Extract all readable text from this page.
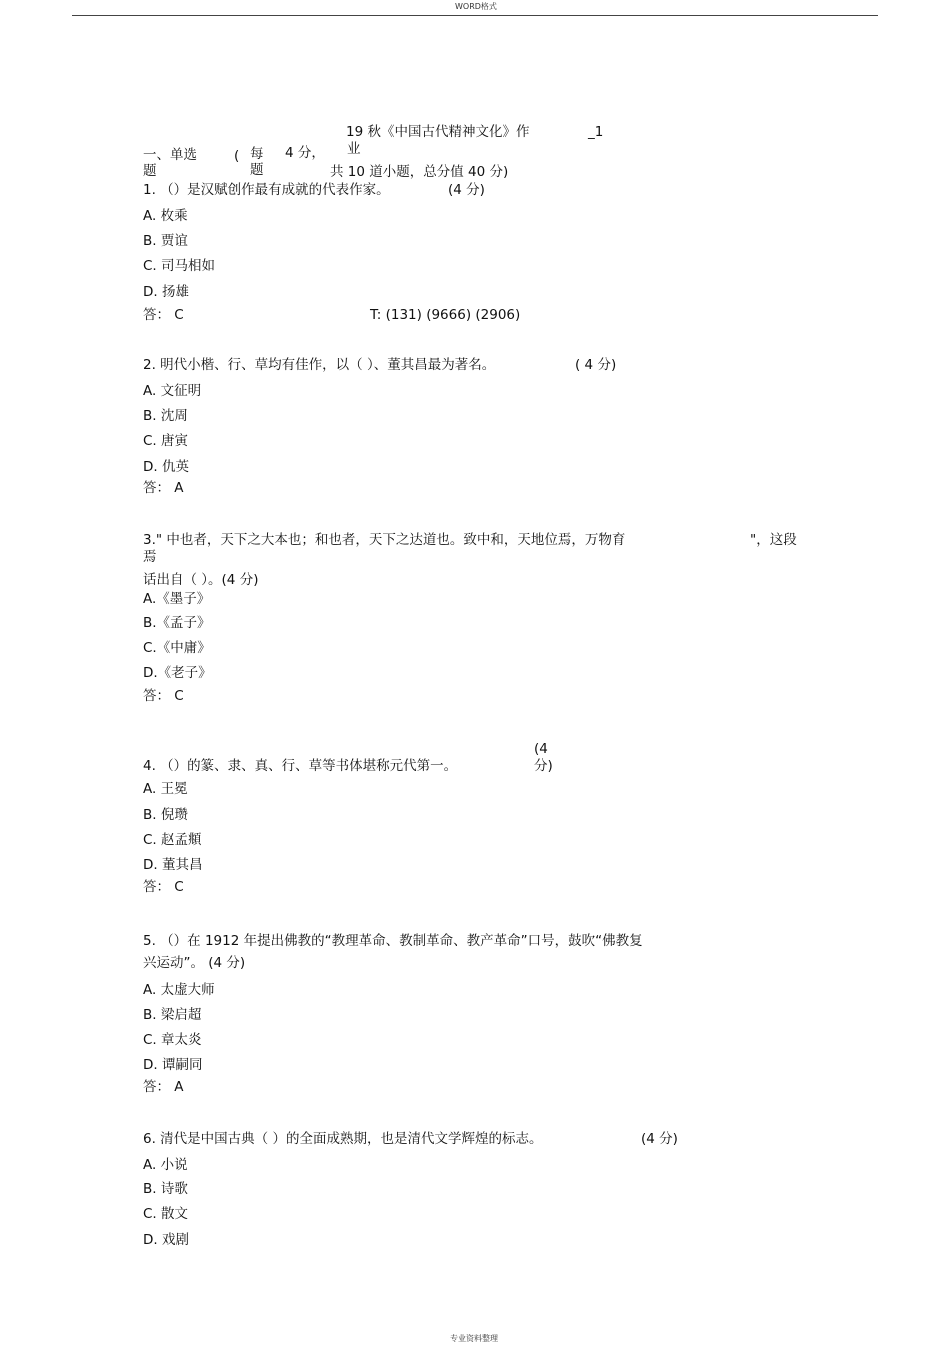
WORD格式
19 秋《中国古代精神文化》作	_1
业
一、单选
题
( 每
题
4 分，
共 10 道小题，总分值 40 分)
1. （）是汉赋创作最有成就的代表作家。	(4 分)
A. 枚乘
B. 贾谊
C. 司马相如
D. 扬雄
答： C	T: (131) (9666) (2906)
2. 明代小楷、行、草均有佳作，以（ ）、董其昌最为著名。	( 4 分)
A. 文征明
B. 沈周
C. 唐寅
D. 仇英
答： A
3." 中也者，天下之大本也；和也者，天下之达道也。致中和，天地位焉，万物育	"，这段
焉
话出自（ ）。(4 分)
A.《墨子》
B.《孟子》
C.《中庸》
D.《老子》
答： C
(4
4. （）的篆、隶、真、行、草等书体堪称元代第一。	分)
A. 王冕
B. 倪瓒
C. 赵孟頫
D. 董其昌
答： C
5. （）在 1912 年提出佛教的“教理革命、教制革命、教产革命”口号，鼓吹“佛教复
兴运动”。 (4 分)
A. 太虚大师
B. 梁启超
C. 章太炎
D. 谭嗣同
答： A
6. 清代是中国古典（ ）的全面成熟期，也是清代文学辉煌的标志。	(4 分)
A. 小说
B. 诗歌
C. 散文
D. 戏剧
专业资料整理
